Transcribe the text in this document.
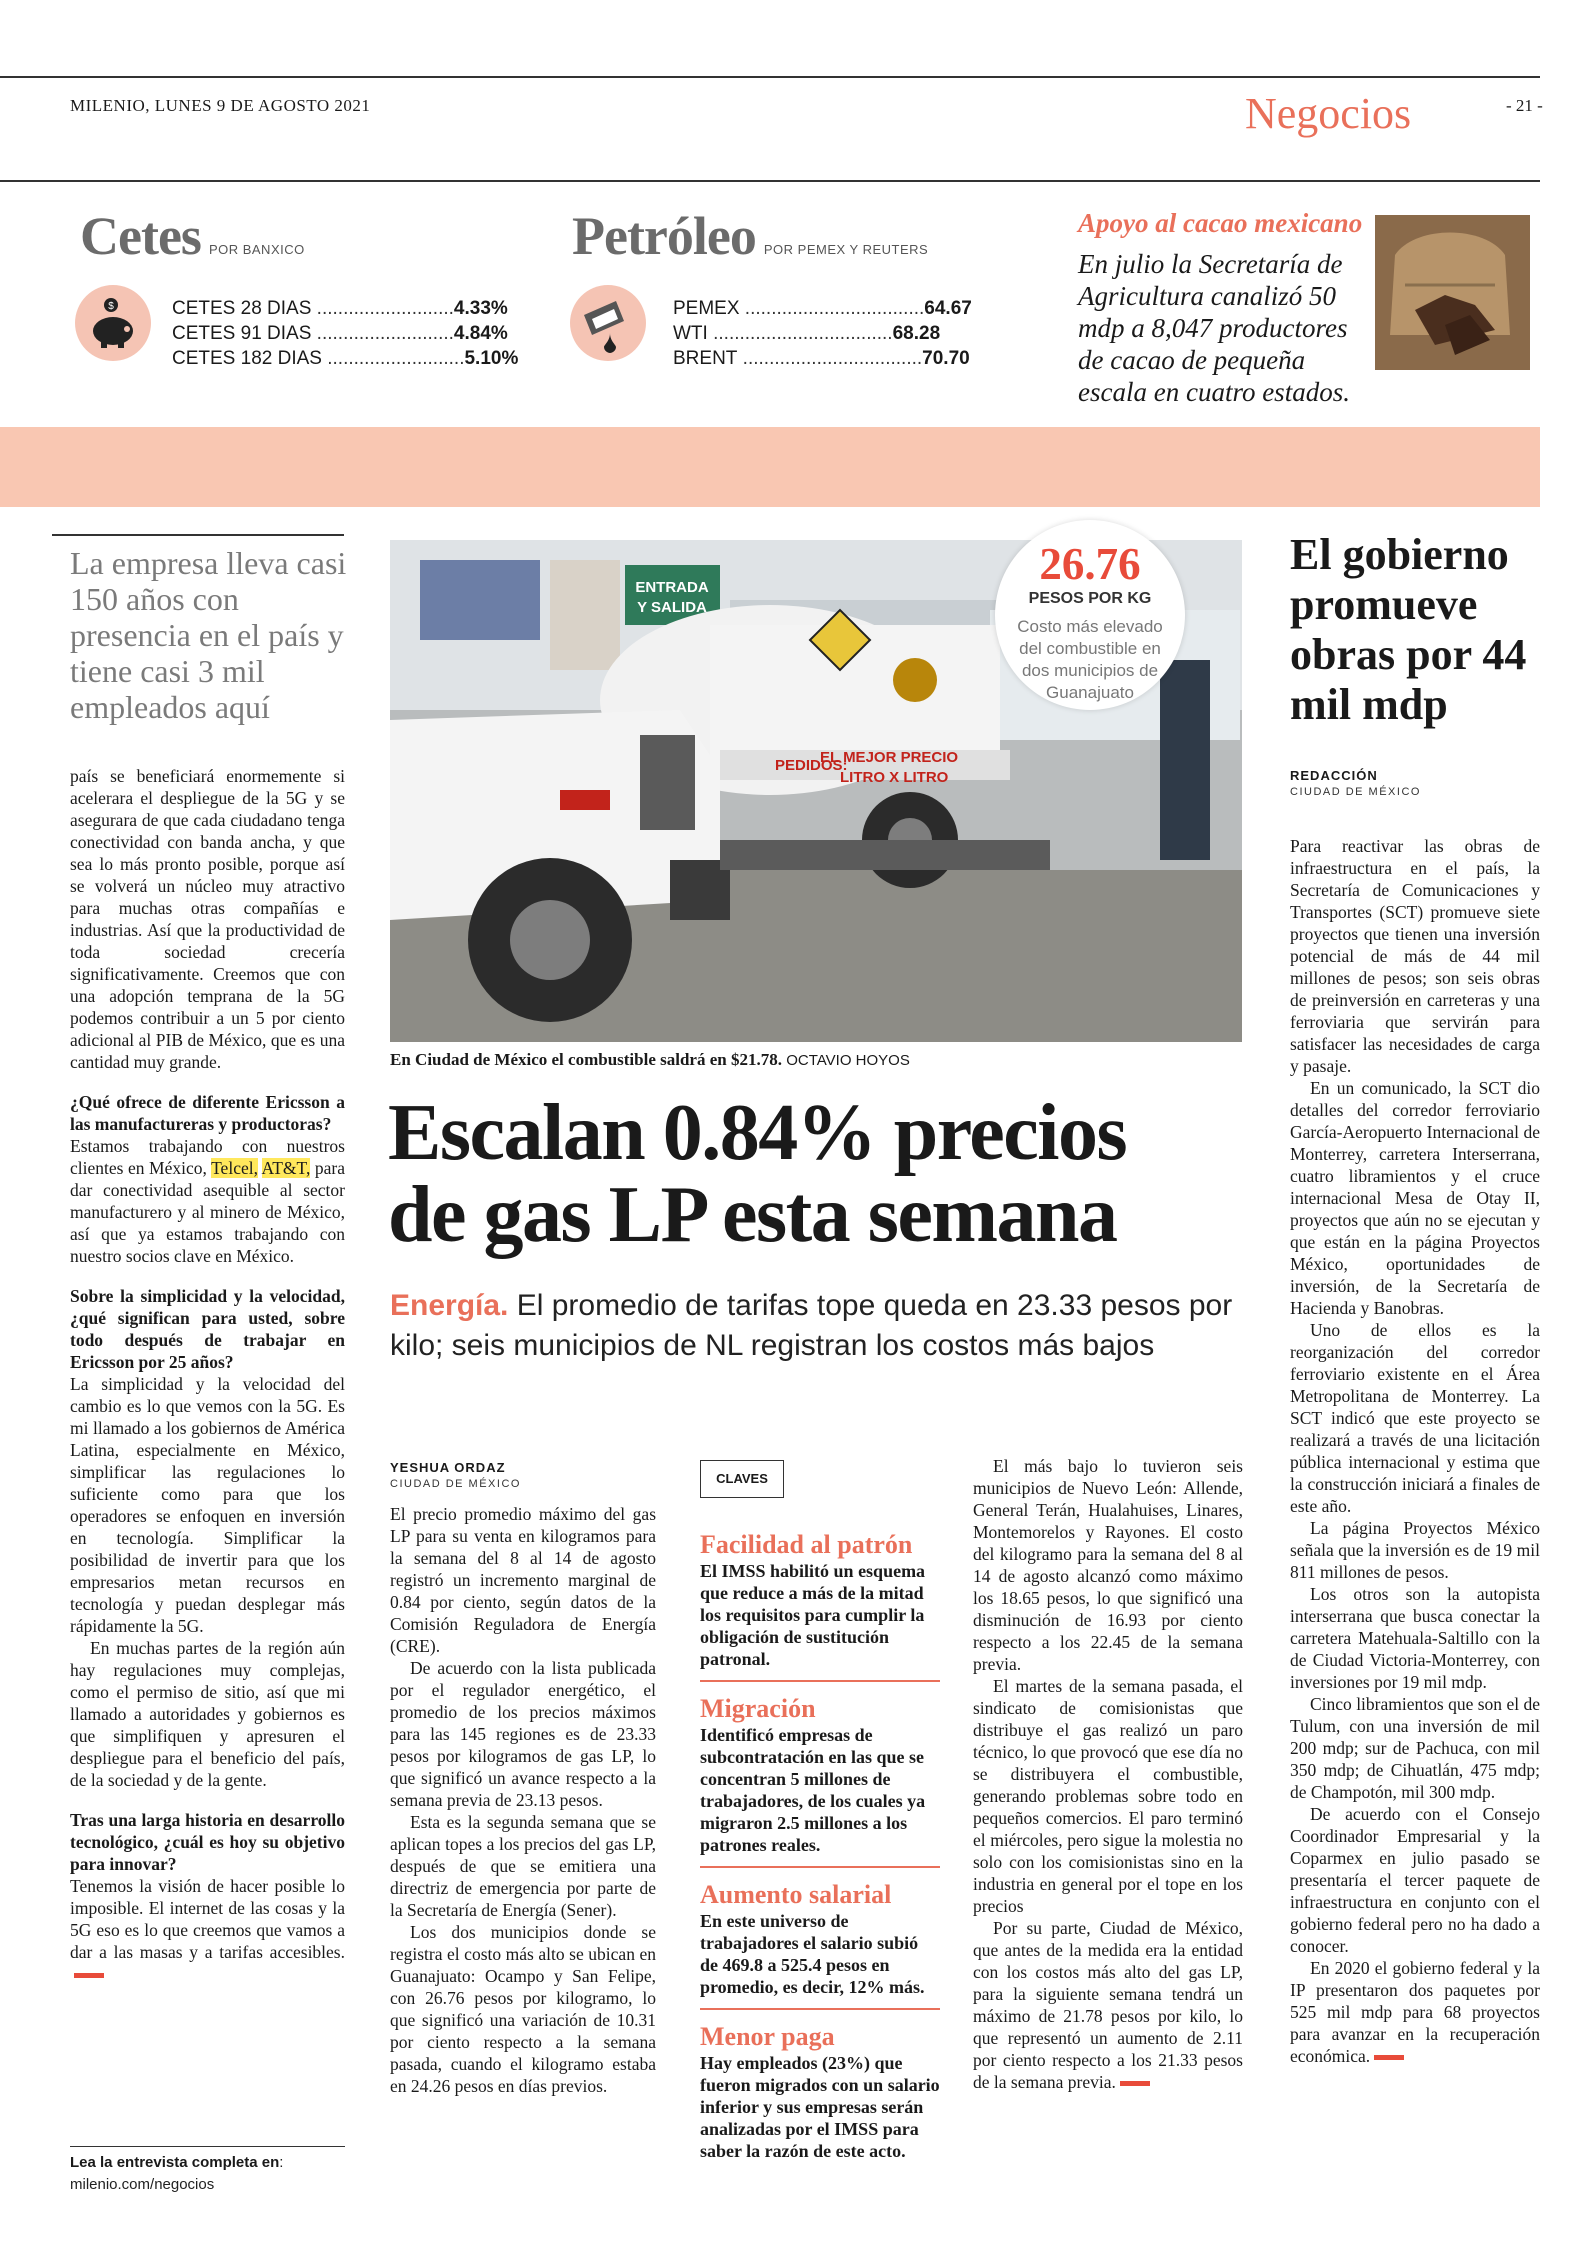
MILENIO, LUNES 9 DE AGOSTO 2021	Negocios	- 21 -
Cetes POR BANXICO
$	CETES 28 DIAS .......................... 4.33%
CETES 91 DIAS .......................... 4.84%
CETES 182 DIAS .......................... 5.10%
Petróleo POR PEMEX Y REUTERS
PEMEX .................................. 64.67
WTI .................................. 68.28
BRENT .................................. 70.70
Apoyo al cacao mexicano
En julio la Secretaría de Agricultura canalizó 50 mdp a 8,047 productores de cacao de pequeña escala en cuatro estados.
La empresa lleva casi 150 años con presencia en el país y tiene casi 3 mil empleados aquí

país se beneficiará enormemente si acelerara el despliegue de la 5G y se asegurara de que cada ciudadano tenga conectividad con banda ancha, y que sea lo más pronto posible, porque así se volverá un núcleo muy atractivo para muchas otras compañías e industrias. Así que la productividad de toda sociedad crecería significativamente. Creemos que con una adopción temprana de la 5G podemos contribuir a un 5 por ciento adicional al PIB de México, que es una cantidad muy grande.

¿Qué ofrece de diferente Ericsson a las manufactureras y productoras?

Estamos trabajando con nuestros clientes en México, Telcel, AT&T, para dar conectividad asequible al sector manufacturero y al minero de México, así que ya estamos trabajando con nuestro socios clave en México.

Sobre la simplicidad y la velocidad, ¿qué significan para usted, sobre todo después de trabajar en Ericsson por 25 años?

La simplicidad y la velocidad del cambio es lo que vemos con la 5G. Es mi llamado a los gobiernos de América Latina, especialmente en México, simplificar las regulaciones lo suficiente como para que los operadores se enfoquen en inversión en tecnología. Simplificar la posibilidad de invertir para que los empresarios metan recursos en tecnología y puedan desplegar más rápidamente la 5G.

En muchas partes de la región aún hay regulaciones muy complejas, como el permiso de sitio, así que mi llamado a autoridades y gobiernos es que simplifiquen y apresuren el despliegue para el beneficio del país, de la sociedad y de la gente.

Tras una larga historia en desarrollo tecnológico, ¿cuál es hoy su objetivo para innovar?

Tenemos la visión de hacer posible lo imposible. El internet de las cosas y la 5G eso es lo que creemos que vamos a dar a las masas y a tarifas accesibles.

Lea la entrevista completa en: milenio.com/negocios
ENTRADA
Y SALIDA
PEDIDOS:
EL MEJOR PRECIO
LITRO X LITRO
26.76
PESOS POR KG
Costo más elevado del combustible en dos municipios de Guanajuato
En Ciudad de México el combustible saldrá en $21.78. OCTAVIO HOYOS
Escalan 0.84% precios
de gas LP esta semana
Energía. El promedio de tarifas tope queda en 23.33 pesos por kilo; seis municipios de NL registran los costos más bajos
YESHUA ORDAZ
CIUDAD DE MÉXICO

El precio promedio máximo del gas LP para su venta en kilogramos para la semana del 8 al 14 de agosto registró un incremento marginal de 0.84 por ciento, según datos de la Comisión Reguladora de Energía (CRE).

De acuerdo con la lista publicada por el regulador energético, el promedio de los precios máximos para las 145 regiones es de 23.33 pesos por kilogramos de gas LP, lo que significó un avance respecto a la semana previa de 23.13 pesos.

Esta es la segunda semana que se aplican topes a los precios del gas LP, después de que se emitiera una directriz de emergencia por parte de la Secretaría de Energía (Sener).

Los dos municipios donde se registra el costo más alto se ubican en Guanajuato: Ocampo y San Felipe, con 26.76 pesos por kilogramo, lo que significó una variación de 10.31 por ciento respecto a la semana pasada, cuando el kilogramo estaba en 24.26 pesos en días previos.

CLAVES
Facilidad al patrón
El IMSS habilitó un esquema que reduce a más de la mitad los requisitos para cumplir la obligación de sustitución patronal.
Migración
Identificó empresas de subcontratación en las que se concentran 5 millones de trabajadores, de los cuales ya migraron 2.5 millones a los patrones reales.
Aumento salarial
En este universo de trabajadores el salario subió de 469.8 a 525.4 pesos en promedio, es decir, 12% más.
Menor paga
Hay empleados (23%) que fueron migrados con un salario inferior y sus empresas serán analizadas por el IMSS para saber la razón de este acto.

El más bajo lo tuvieron seis municipios de Nuevo León: Allende, General Terán, Hualahuises, Linares, Montemorelos y Rayones. El costo del kilogramo para la semana del 8 al 14 de agosto alcanzó como máximo los 18.65 pesos, lo que significó una disminución de 16.93 por ciento respecto a los 22.45 de la semana previa.

El martes de la semana pasada, el sindicato de comisionistas que distribuye el gas realizó un paro técnico, lo que provocó que ese día no se distribuyera el combustible, generando problemas sobre todo en pequeños comercios. El paro terminó el miércoles, pero sigue la molestia no solo con los comisionistas sino en la industria en general por el tope en los precios

Por su parte, Ciudad de México, que antes de la medida era la entidad con los costos más alto del gas LP, para la siguiente semana tendrá un máximo de 21.78 pesos por kilo, lo que representó un aumento de 2.11 por ciento respecto a los 21.33 pesos de la semana previa.

El gobierno promueve obras por 44 mil mdp
REDACCIÓN
CIUDAD DE MÉXICO

Para reactivar las obras de infraestructura en el país, la Secretaría de Comunicaciones y Transportes (SCT) promueve siete proyectos que tienen una inversión potencial de más de 44 mil millones de pesos; son seis obras de preinversión en carreteras y una ferroviaria que servirán para satisfacer las necesidades de carga y pasaje.

En un comunicado, la SCT dio detalles del corredor ferroviario García-Aeropuerto Internacional de Monterrey, carretera Interserrana, cuatro libramientos y el cruce internacional Mesa de Otay II, proyectos que aún no se ejecutan y que están en la página Proyectos México, oportunidades de inversión, de la Secretaría de Hacienda y Banobras.

Uno de ellos es la reorganización del corredor ferroviario existente en el Área Metropolitana de Monterrey. La SCT indicó que este proyecto se realizará a través de una licitación pública internacional y estima que la construcción iniciará a finales de este año.

La página Proyectos México señala que la inversión es de 19 mil 811 millones de pesos.

Los otros son la autopista interserrana que busca conectar la carretera Matehuala-Saltillo con la de Ciudad Victoria-Monterrey, con inversiones por 19 mil mdp.

Cinco libramientos que son el de Tulum, con una inversión de mil 200 mdp; sur de Pachuca, con mil 350 mdp; de Cihuatlán, 475 mdp; de Champotón, mil 300 mdp.

De acuerdo con el Consejo Coordinador Empresarial y la Coparmex en julio pasado se presentaría el tercer paquete de infraestructura en conjunto con el gobierno federal pero no ha dado a conocer.

En 2020 el gobierno federal y la IP presentaron dos paquetes por 525 mil mdp para 68 proyectos para avanzar en la recuperación económica.
